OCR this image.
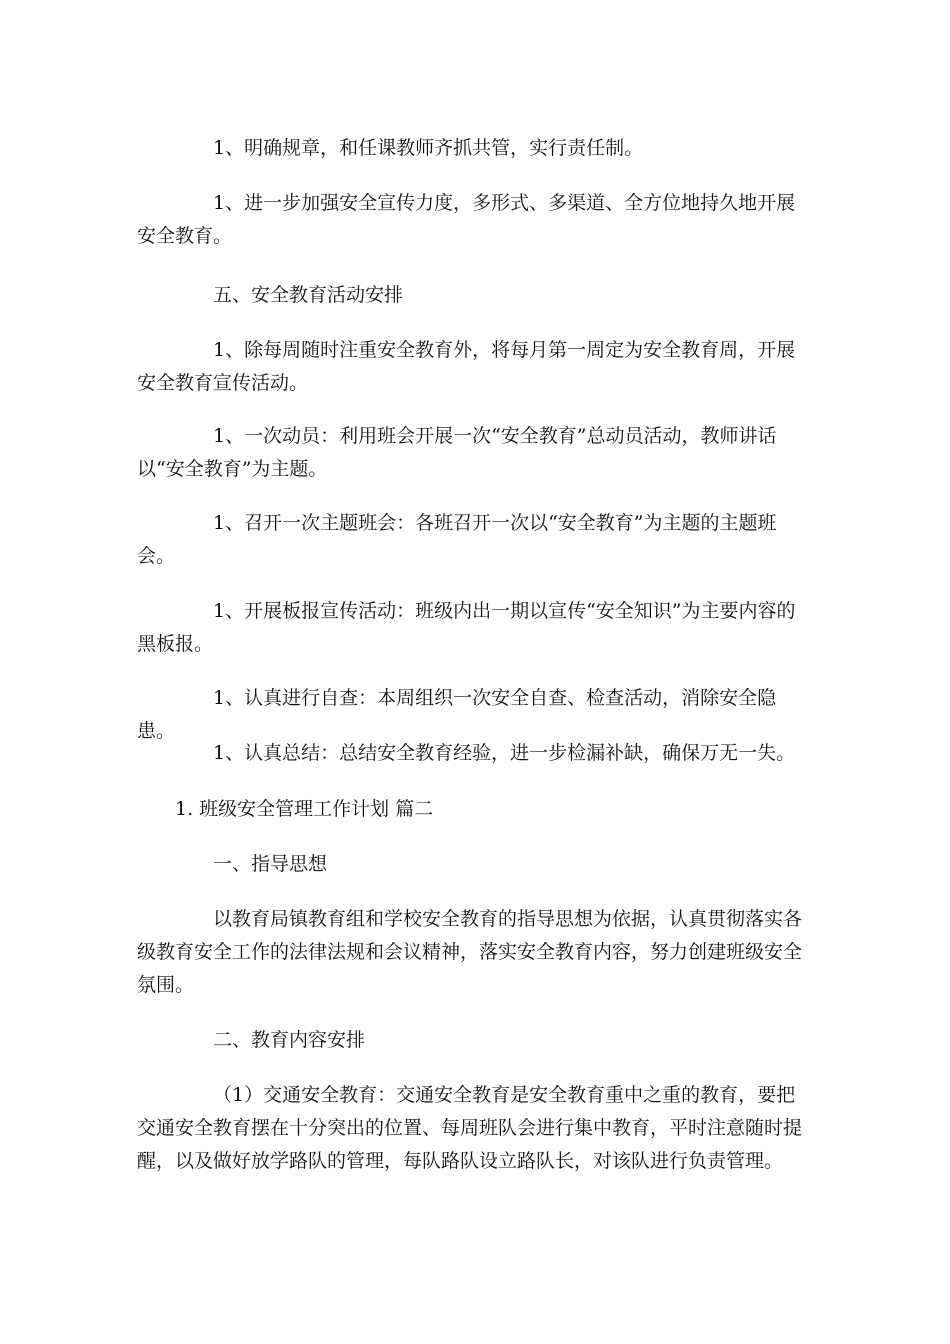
1、明确规章，和任课教师齐抓共管，实行责任制。

1、进一步加强安全宣传力度，多形式、多渠道、全方位地持久地开展安全教育。

五、安全教育活动安排

1、除每周随时注重安全教育外，将每月第一周定为安全教育周，开展安全教育宣传活动。

1、一次动员：利用班会开展一次“安全教育”总动员活动，教师讲话以“安全教育”为主题。

1、召开一次主题班会：各班召开一次以“安全教育”为主题的主题班会。

1、开展板报宣传活动：班级内出一期以宣传“安全知识”为主要内容的黑板报。

1、认真进行自查：本周组织一次安全自查、检查活动，消除安全隐患。

1、认真总结：总结安全教育经验，进一步检漏补缺，确保万无一失。

1. 班级安全管理工作计划 篇二

一、指导思想

以教育局镇教育组和学校安全教育的指导思想为依据，认真贯彻落实各级教育安全工作的法律法规和会议精神，落实安全教育内容，努力创建班级安全氛围。

二、教育内容安排

（1）交通安全教育：交通安全教育是安全教育重中之重的教育，要把交通安全教育摆在十分突出的位置、每周班队会进行集中教育，平时注意随时提醒，以及做好放学路队的管理，每队路队设立路队长，对该队进行负责管理。
